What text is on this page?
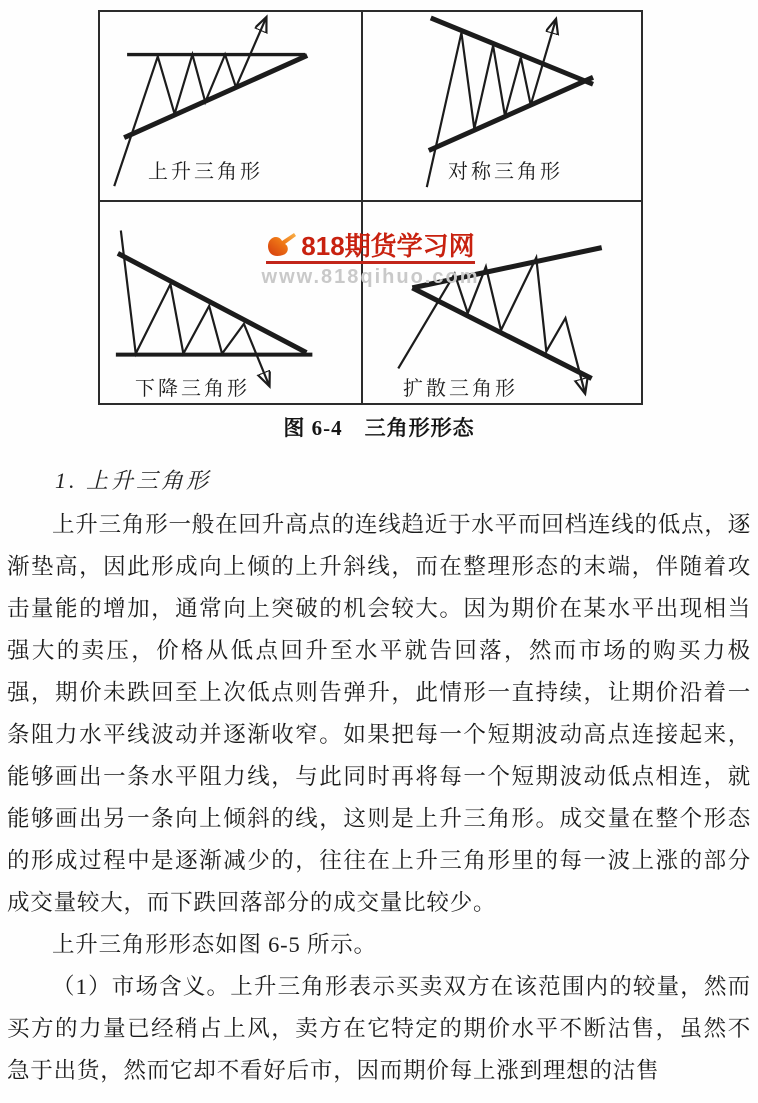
上升三角形	对称三角形
下降三角形	扩散三角形
818期货学习网
www.818qihuo.com
图 6-4　三角形形态
1. 上升三角形

上升三角形一般在回升高点的连线趋近于水平而回档连线的低点，逐渐垫高，因此形成向上倾的上升斜线，而在整理形态的末端，伴随着攻击量能的增加，通常向上突破的机会较大。因为期价在某水平出现相当强大的卖压，价格从低点回升至水平就告回落，然而市场的购买力极强，期价未跌回至上次低点则告弹升，此情形一直持续，让期价沿着一条阻力水平线波动并逐渐收窄。如果把每一个短期波动高点连接起来，能够画出一条水平阻力线，与此同时再将每一个短期波动低点相连，就能够画出另一条向上倾斜的线，这则是上升三角形。成交量在整个形态的形成过程中是逐渐减少的，往往在上升三角形里的每一波上涨的部分成交量较大，而下跌回落部分的成交量比较少。

上升三角形形态如图 6-5 所示。

（1）市场含义。上升三角形表示买卖双方在该范围内的较量，然而买方的力量已经稍占上风，卖方在它特定的期价水平不断沽售，虽然不急于出货，然而它却不看好后市，因而期价每上涨到理想的沽售
